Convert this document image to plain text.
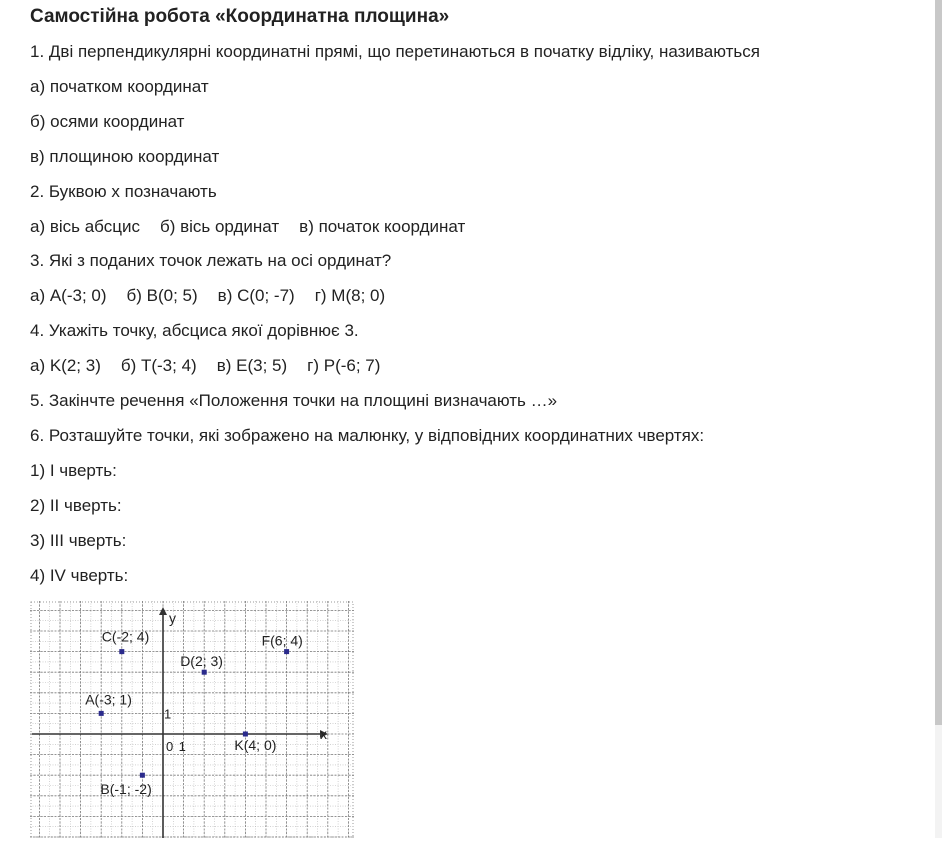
Самостійна робота «Координатна площина»
1. Дві перпендикулярні координатні прямі, що перетинаються в початку відліку, називаються
а) початком координат
б) осями координат
в) площиною координат
2. Буквою х позначають
а) вісь абсцис б) вісь ординат в) початок координат
3. Які з поданих точок лежать на осі ординат?
а) A(-3; 0) б) B(0; 5) в) C(0; -7) г) M(8; 0)
4. Укажіть точку, абсциса якої дорівнює 3.
а) K(2; 3) б) T(-3; 4) в) E(3; 5) г) P(-6; 7)
5. Закінчте речення «Положення точки на площині визначають …»
6. Розташуйте точки, які зображено на малюнку, у відповідних координатних чвертях:
1) І чверть:
2) ІІ чверть:
3) ІІІ чверть:
4) ІV чверть:
x
y
0 1
1
C(-2; 4)	F(6; 4)
D(2; 3)
A(-3; 1)
K(4; 0)
B(-1; -2)
